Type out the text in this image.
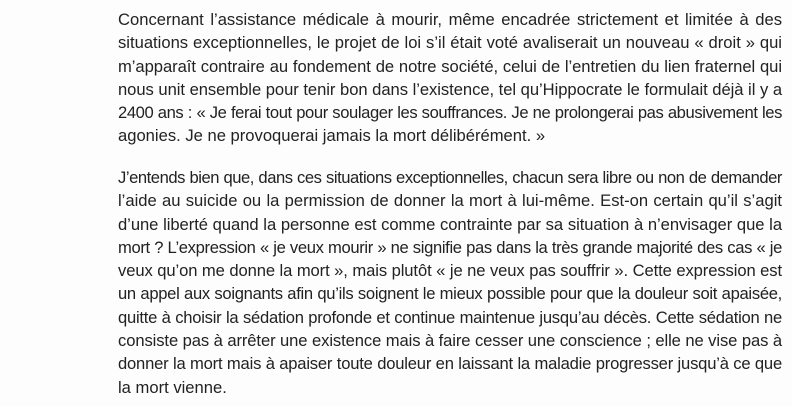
Concernant l’assistance médicale à mourir, même encadrée strictement et limitée à des
situations exceptionnelles, le projet de loi s’il était voté avaliserait un nouveau « droit » qui
m’apparaît contraire au fondement de notre société, celui de l’entretien du lien fraternel qui
nous unit ensemble pour tenir bon dans l’existence, tel qu’Hippocrate le formulait déjà il y a
2400 ans : « Je ferai tout pour soulager les souffrances. Je ne prolongerai pas abusivement les
agonies. Je ne provoquerai jamais la mort délibérément. »

J’entends bien que, dans ces situations exceptionnelles, chacun sera libre ou non de demander
l’aide au suicide ou la permission de donner la mort à lui-même. Est-on certain qu’il s’agit
d’une liberté quand la personne est comme contrainte par sa situation à n’envisager que la
mort ? L’expression « je veux mourir » ne signifie pas dans la très grande majorité des cas « je
veux qu’on me donne la mort », mais plutôt « je ne veux pas souffrir ». Cette expression est
un appel aux soignants afin qu’ils soignent le mieux possible pour que la douleur soit apaisée,
quitte à choisir la sédation profonde et continue maintenue jusqu’au décès. Cette sédation ne
consiste pas à arrêter une existence mais à faire cesser une conscience ; elle ne vise pas à
donner la mort mais à apaiser toute douleur en laissant la maladie progresser jusqu’à ce que
la mort vienne.
